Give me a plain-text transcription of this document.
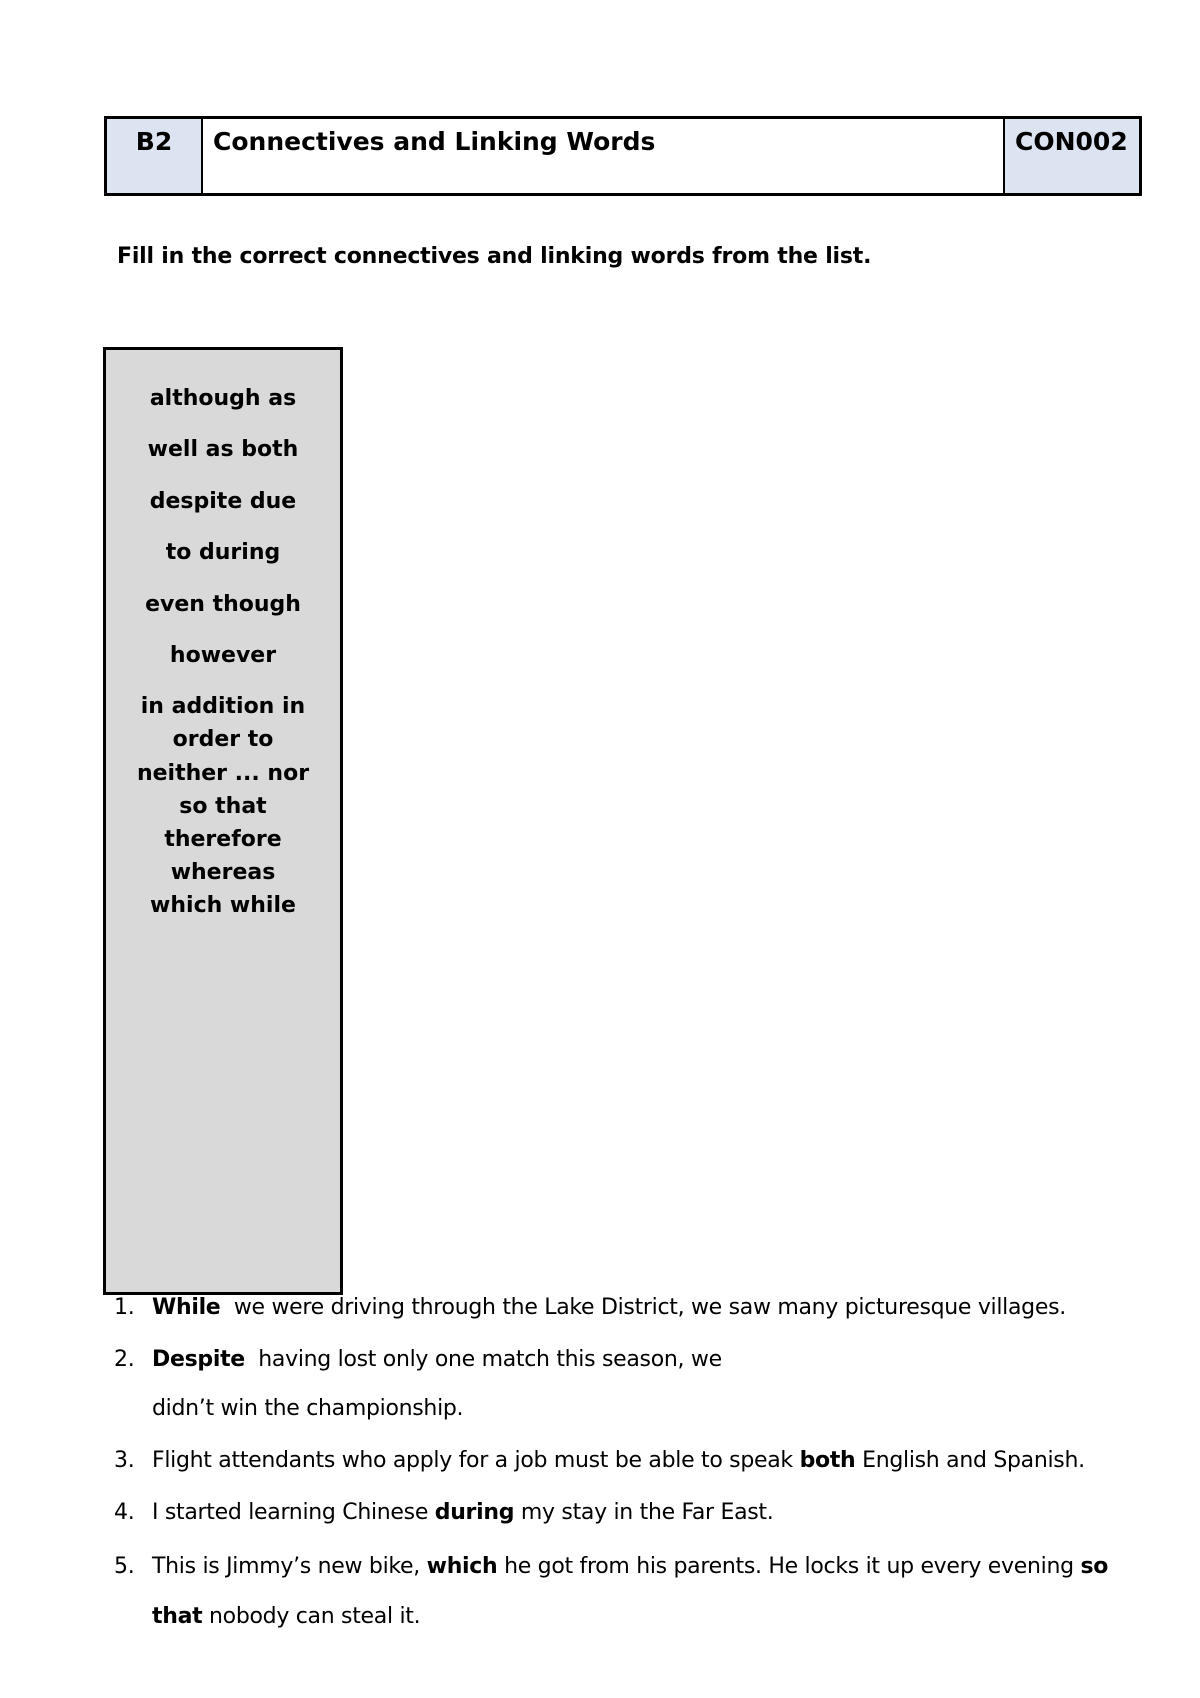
B2	Connectives and Linking Words	CON002
Fill in the correct connectives and linking words from the list.
although as
well as both
despite due
to during
even though
however
in addition in
order to
neither ... nor
so that
therefore
whereas
which while
1. While  we were driving through the Lake District, we saw many picturesque villages.
2. Despite  having lost only one match this season, we
didn’t win the championship.
3. Flight attendants who apply for a job must be able to speak both English and Spanish.
4. I started learning Chinese during my stay in the Far East.
5. This is Jimmy’s new bike, which he got from his parents. He locks it up every evening so
that nobody can steal it.
